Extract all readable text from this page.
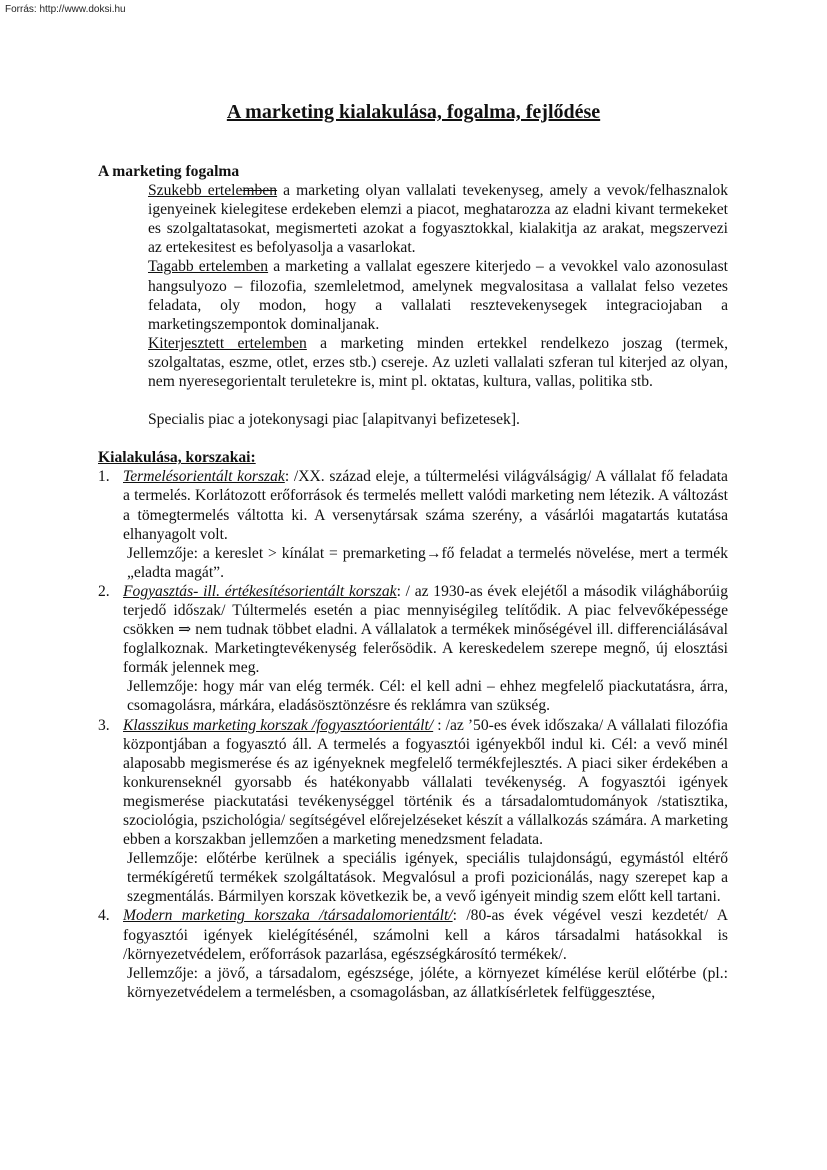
Forrás: http://www.doksi.hu
A marketing kialakulása, fogalma, fejlődése
A marketing fogalma
Szukebb ertelemben a marketing olyan vallalati tevekenyseg, amely a vevok/felhasznalok igenyeinek kielegitese erdekeben elemzi a piacot, meghatarozza az eladni kivant termekeket es szolgaltatasokat, megismerteti azokat a fogyasztokkal, kialakitja az arakat, megszervezi az ertekesitest es befolyasolja a vasarlokat.
Tagabb ertelemben a marketing a vallalat egeszere kiterjedo – a vevokkel valo azonosulast hangsulyozo – filozofia, szemleletmod, amelynek megvalositasa a vallalat felso vezetes feladata, oly modon, hogy a vallalati resztevekenysegek integraciojaban a marketingszempontok dominaljanak.
Kiterjesztett ertelemben a marketing minden ertekkel rendelkezo joszag (termek, szolgaltatas, eszme, otlet, erzes stb.) csereje. Az uzleti vallalati szferan tul kiterjed az olyan, nem nyeresegorientalt teruletekre is, mint pl. oktatas, kultura, vallas, politika stb.
Specialis piac a jotekonysagi piac [alapitvanyi befizetesek].
Kialakulása, korszakai:
1. Termelésorientált korszak: /XX. század eleje, a túltermelési világválságig/ A vállalat fő feladata a termelés. Korlátozott erőforrások és termelés mellett valódi marketing nem létezik. A változást a tömegtermelés váltotta ki. A versenytársak száma szerény, a vásárlói magatartás kutatása elhanyagolt volt.

Jellemzője: a kereslet > kínálat = premarketing→fő feladat a termelés növelése, mert a termék „eladta magát”.

2. Fogyasztás- ill. értékesítésorientált korszak: / az 1930-as évek elejétől a második világháborúig terjedő időszak/ Túltermelés esetén a piac mennyiségileg telítődik. A piac felvevőképessége csökken ⇒ nem tudnak többet eladni. A vállalatok a termékek minőségével ill. differenciálásával foglalkoznak. Marketingtevékenység felerősödik. A kereskedelem szerepe megnő, új elosztási formák jelennek meg.

Jellemzője: hogy már van elég termék. Cél: el kell adni – ehhez megfelelő piackutatásra, árra, csomagolásra, márkára, eladásösztönzésre és reklámra van szükség.

3. Klasszikus marketing korszak /fogyasztóorientált/ : /az ’50-es évek időszaka/ A vállalati filozófia központjában a fogyasztó áll. A termelés a fogyasztói igényekből indul ki. Cél: a vevő minél alaposabb megismerése és az igényeknek megfelelő termékfejlesztés. A piaci siker érdekében a konkurenseknél gyorsabb és hatékonyabb vállalati tevékenység. A fogyasztói igények megismerése piackutatási tevékenységgel történik és a társadalomtudományok /statisztika, szociológia, pszichológia/ segítségével előrejelzéseket készít a vállalkozás számára. A marketing ebben a korszakban jellemzően a marketing menedzsment feladata.

Jellemzője: előtérbe kerülnek a speciális igények, speciális tulajdonságú, egymástól eltérő termékígéretű termékek szolgáltatások. Megvalósul a profi pozicionálás, nagy szerepet kap a szegmentálás. Bármilyen korszak következik be, a vevő igényeit mindig szem előtt kell tartani.

4. Modern marketing korszaka /társadalomorientált/: /80-as évek végével veszi kezdetét/ A fogyasztói igények kielégítésénél, számolni kell a káros társadalmi hatásokkal is /környezetvédelem, erőforrások pazarlása, egészségkárosító termékek/.

Jellemzője: a jövő, a társadalom, egészsége, jóléte, a környezet kímélése kerül előtérbe (pl.: környezetvédelem a termelésben, a csomagolásban, az állatkísérletek felfüggesztése,
